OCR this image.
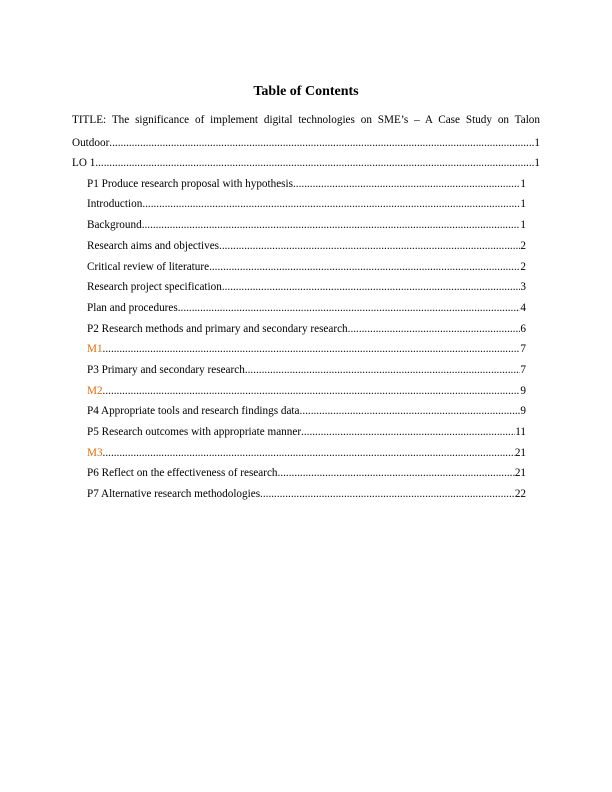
Table of Contents
TITLE: The significance of implement digital technologies on SME’s – A Case Study on Talon
Outdoor .....	1
LO 1 .....	1
P1 Produce research proposal with hypothesis .....	1
Introduction .....	1
Background .....	1
Research aims and objectives .....	2
Critical review of literature .....	2
Research project specification .....	3
Plan and procedures .....	4
P2 Research methods and primary and secondary research .....	6
M1 .....	7
P3 Primary and secondary research .....	7
M2 .....	9
P4 Appropriate tools and research findings data .....	9
P5 Research outcomes with appropriate manner .....	11
M3 .....	21
P6 Reflect on the effectiveness of research .....	21
P7 Alternative research methodologies .....	22
